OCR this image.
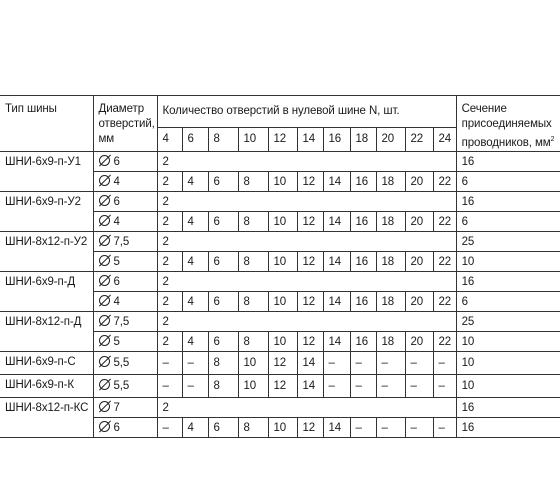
Тип шины	Диаметр отверстий, мм	Количество отверстий в нулевой шине N, шт.											Сечение присоединяемых проводников, $мм^2$
		4	6	8	10	12	14	16	18	20	22	24	
ШНИ-6х9-п-У1	6	2											16
	4	2	4	6	8	10	12	14	16	18	20	22	6
ШНИ-6х9-п-У2	6	2											16
	4	2	4	6	8	10	12	14	16	18	20	22	6
ШНИ-8х12-п-У2	7,5	2											25
	5	2	4	6	8	10	12	14	16	18	20	22	10
ШНИ-6х9-п-Д	6	2											16
	4	2	4	6	8	10	12	14	16	18	20	22	6
ШНИ-8х12-п-Д	7,5	2											25
	5	2	4	6	8	10	12	14	16	18	20	22	10
ШНИ-6х9-п-С	5,5	–	–	8	10	12	14	–	–	–	–	–	10
ШНИ-6х9-п-К	5,5	–	–	8	10	12	14	–	–	–	–	–	10
ШНИ-8х12-п-КС	7	2											16
	6	–	4	6	8	10	12	14	–	–	–	–	16
